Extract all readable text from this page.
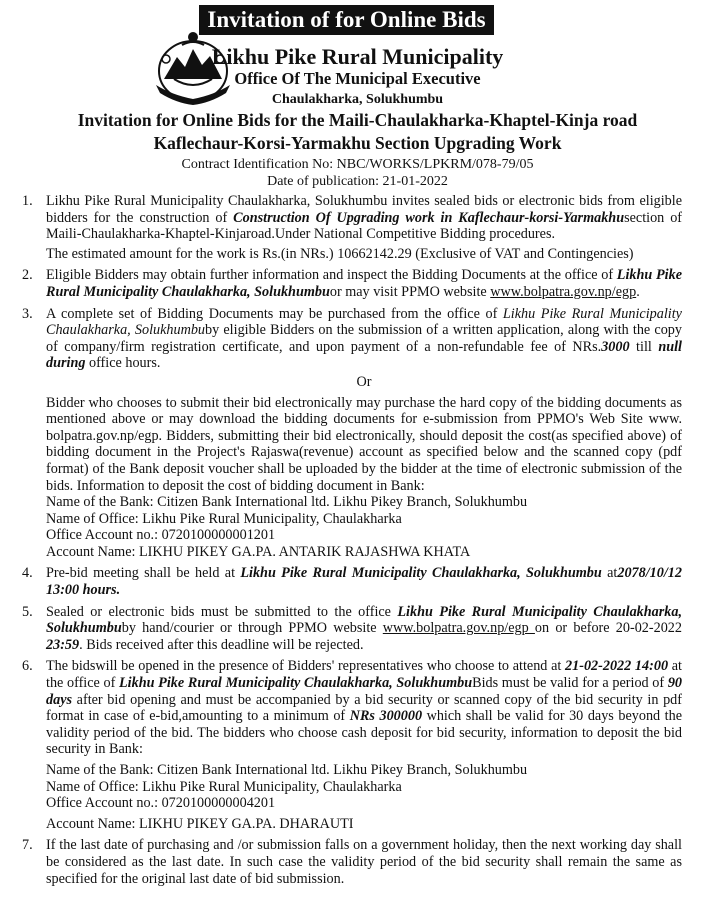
Invitation of for Online Bids
Likhu Pike Rural Municipality
Office Of The Municipal Executive
Chaulakharka, Solukhumbu
Invitation for Online Bids for the Maili-Chaulakharka-Khaptel-Kinja road
Kaflechaur-Korsi-Yarmakhu Section Upgrading Work
Contract Identification No: NBC/WORKS/LPKRM/078-79/05
Date of publication: 21-01-2022
1. Likhu Pike Rural Municipality Chaulakharka, Solukhumbu invites sealed bids or electronic bids from eligible bidders for the construction of Construction Of Upgrading work in Kaflechaur-korsi-Yarmakhusection of Maili-Chaulakharka-Khaptel-Kinjaroad.Under National Competitive Bidding procedures.
The estimated amount for the work is Rs.(in NRs.) 10662142.29 (Exclusive of VAT and Contingencies)
2. Eligible Bidders may obtain further information and inspect the Bidding Documents at the office of Likhu Pike Rural Municipality Chaulakharka, Solukhumbuor may visit PPMO website www.bolpatra.gov.np/egp.
3. A complete set of Bidding Documents may be purchased from the office of Likhu Pike Rural Municipality Chaulakharka, Solukhumbuby eligible Bidders on the submission of a written application, along with the copy of company/firm registration certificate, and upon payment of a non-refundable fee of NRs.3000 till null during office hours.
Or
Bidder who chooses to submit their bid electronically may purchase the hard copy of the bidding documents as mentioned above or may download the bidding documents for e-submission from PPMO's Web Site www. bolpatra.gov.np/egp. Bidders, submitting their bid electronically, should deposit the cost(as specified above) of bidding document in the Project's Rajaswa(revenue) account as specified below and the scanned copy (pdf format) of the Bank deposit voucher shall be uploaded by the bidder at the time of electronic submission of the bids. Information to deposit the cost of bidding document in Bank:
Name of the Bank: Citizen Bank International ltd. Likhu Pikey Branch, Solukhumbu
Name of Office: Likhu Pike Rural Municipality, Chaulakharka
Office Account no.: 0720100000001201
Account Name: LIKHU PIKEY GA.PA. ANTARIK RAJASHWA KHATA
4. Pre-bid meeting shall be held at Likhu Pike Rural Municipality Chaulakharka, Solukhumbu at2078/10/12 13:00 hours.
5. Sealed or electronic bids must be submitted to the office Likhu Pike Rural Municipality Chaulakharka, Solukhumbuby hand/courier or through PPMO website www.bolpatra.gov.np/egp on or before 20-02-2022 23:59. Bids received after this deadline will be rejected.
6. The bidswill be opened in the presence of Bidders' representatives who choose to attend at 21-02-2022 14:00 at the office of Likhu Pike Rural Municipality Chaulakharka, SolukhumbuBids must be valid for a period of 90 days after bid opening and must be accompanied by a bid security or scanned copy of the bid security in pdf format in case of e-bid,amounting to a minimum of NRs 300000 which shall be valid for 30 days beyond the validity period of the bid. The bidders who choose cash deposit for bid security, information to deposit the bid security in Bank:
Name of the Bank: Citizen Bank International ltd. Likhu Pikey Branch, Solukhumbu
Name of Office: Likhu Pike Rural Municipality, Chaulakharka
Office Account no.: 0720100000004201
Account Name: LIKHU PIKEY GA.PA. DHARAUTI
7. If the last date of purchasing and /or submission falls on a government holiday, then the next working day shall be considered as the last date. In such case the validity period of the bid security shall remain the same as specified for the original last date of bid submission.
